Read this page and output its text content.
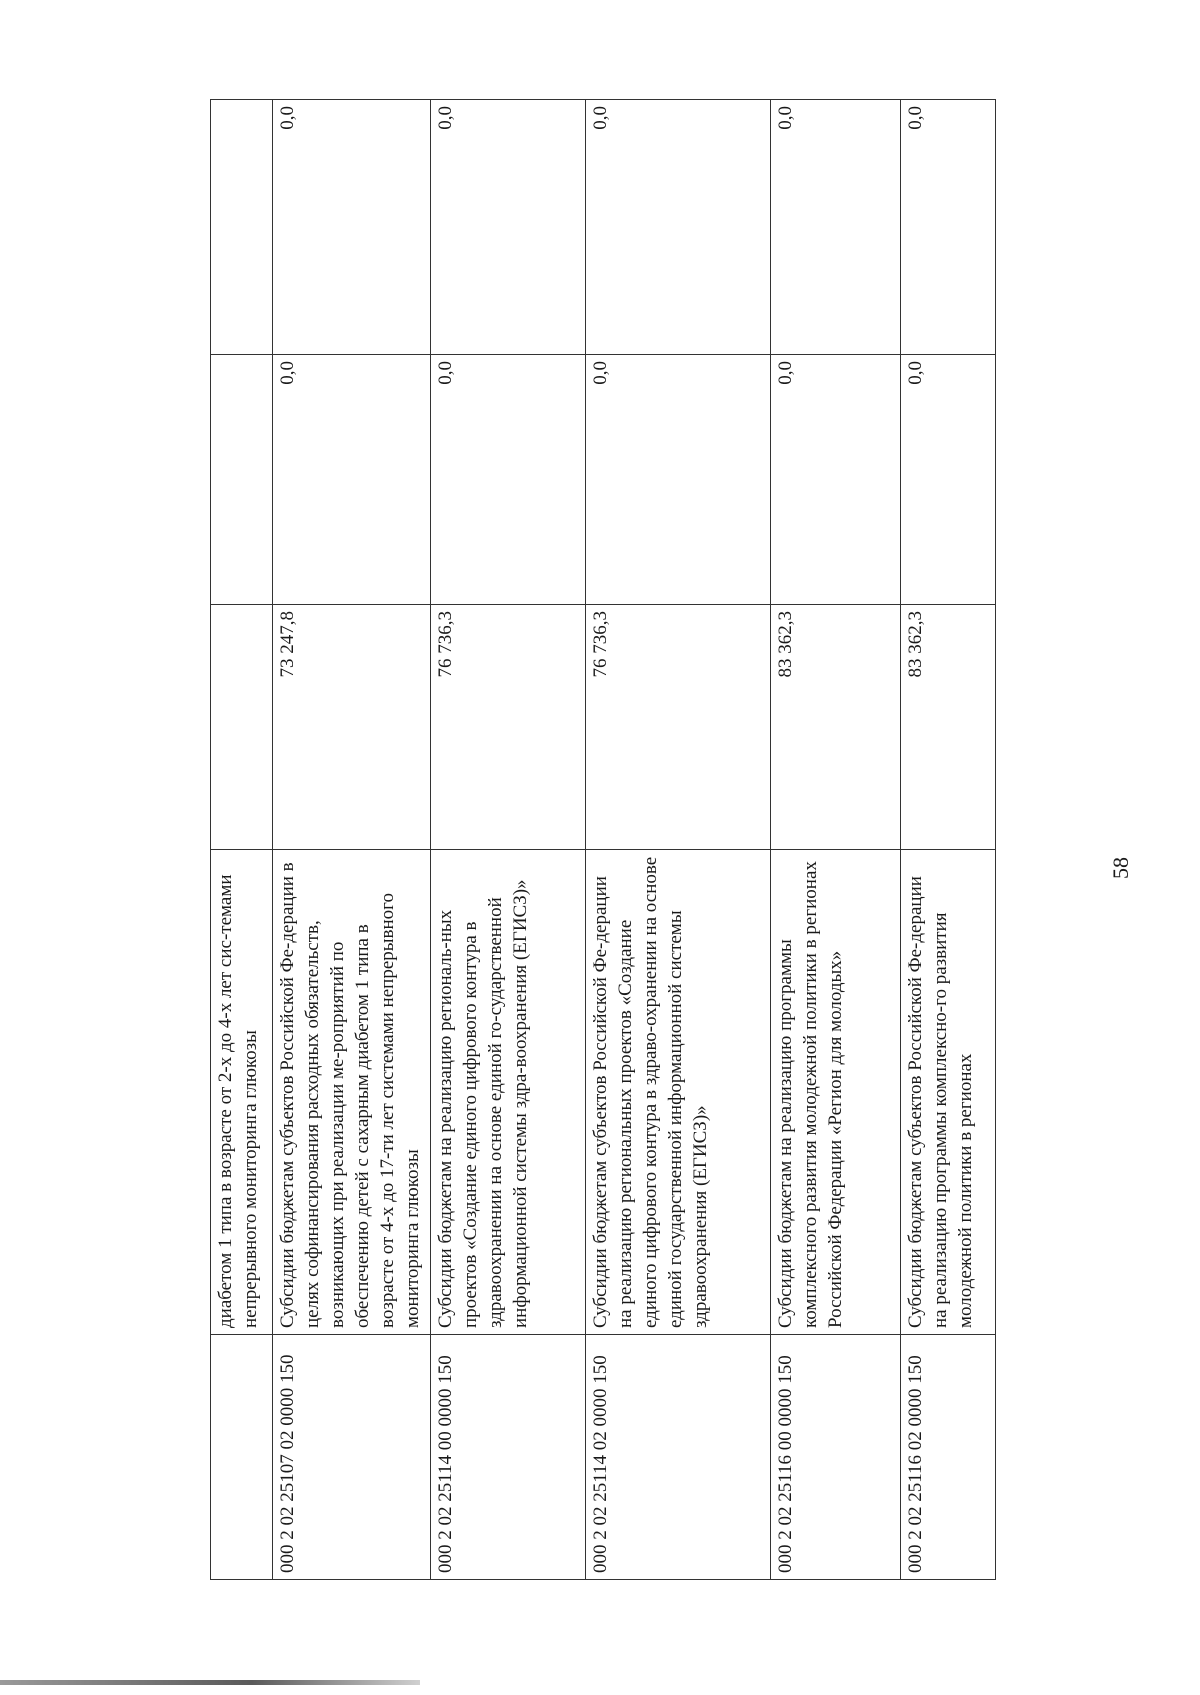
58
	диабетом 1 типа в возрасте от 2-х до 4-х лет сис-темами непрерывного мониторинга глюкозы			
000 2 02 25107 02 0000 150	Субсидии бюджетам субъектов Российской Фе-дерации в целях софинансирования расходных обязательств, возникающих при реализации ме-роприятий по обеспечению детей с сахарным диабетом 1 типа в возрасте от 4-х до 17-ти лет системами непрерывного мониторинга глюкозы	73 247,8	0,0	0,0
000 2 02 25114 00 0000 150	Субсидии бюджетам на реализацию региональ-ных проектов «Создание единого цифрового контура в здравоохранении на основе единой го-сударственной информационной системы здра-воохранения (ЕГИСЗ)»	76 736,3	0,0	0,0
000 2 02 25114 02 0000 150	Субсидии бюджетам субъектов Российской Фе-дерации на реализацию региональных проектов «Создание единого цифрового контура в здраво-охранении на основе единой государственной информационной системы здравоохранения (ЕГИСЗ)»	76 736,3	0,0	0,0
000 2 02 25116 00 0000 150	Субсидии бюджетам на реализацию программы комплексного развития молодежной политики в регионах Российской Федерации «Регион для молодых»	83 362,3	0,0	0,0
000 2 02 25116 02 0000 150	Субсидии бюджетам субъектов Российской Фе-дерации на реализацию программы комплексно-го развития молодежной политики в регионах	83 362,3	0,0	0,0
